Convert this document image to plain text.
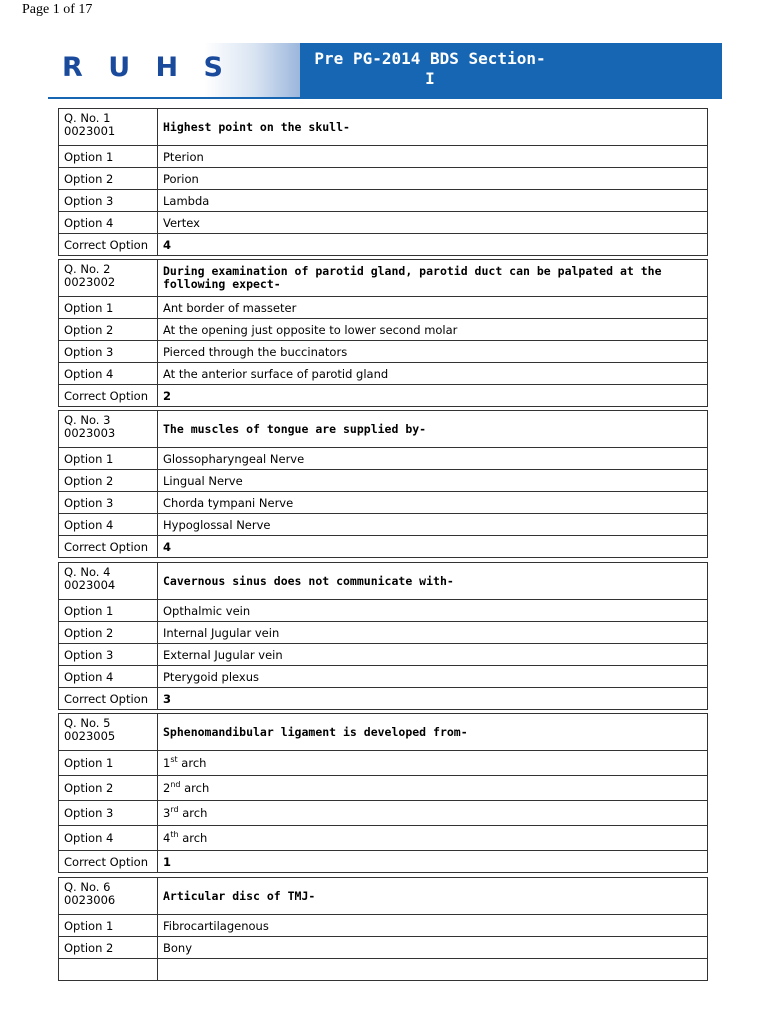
Page 1 of 17
R U H S	Pre PG-2014 BDS Section-
I
Q. No. 1
0023001	Highest point on the skull-
Option 1	Pterion
Option 2	Porion
Option 3	Lambda
Option 4	Vertex
Correct Option	4
Q. No. 2
0023002	During examination of parotid gland, parotid duct can be palpated at the following expect-
Option 1	Ant border of masseter
Option 2	At the opening just opposite to lower second molar
Option 3	Pierced through the buccinators
Option 4	At the anterior surface of parotid gland
Correct Option	2
Q. No. 3
0023003	The muscles of tongue are supplied by-
Option 1	Glossopharyngeal Nerve
Option 2	Lingual Nerve
Option 3	Chorda tympani Nerve
Option 4	Hypoglossal Nerve
Correct Option	4
Q. No. 4
0023004	Cavernous sinus does not communicate with-
Option 1	Opthalmic vein
Option 2	Internal Jugular vein
Option 3	External Jugular vein
Option 4	Pterygoid plexus
Correct Option	3
Q. No. 5
0023005	Sphenomandibular ligament is developed from-
Option 1	1st arch
Option 2	2nd arch
Option 3	3rd arch
Option 4	4th arch
Correct Option	1
Q. No. 6
0023006	Articular disc of TMJ-
Option 1	Fibrocartilagenous
Option 2	Bony
